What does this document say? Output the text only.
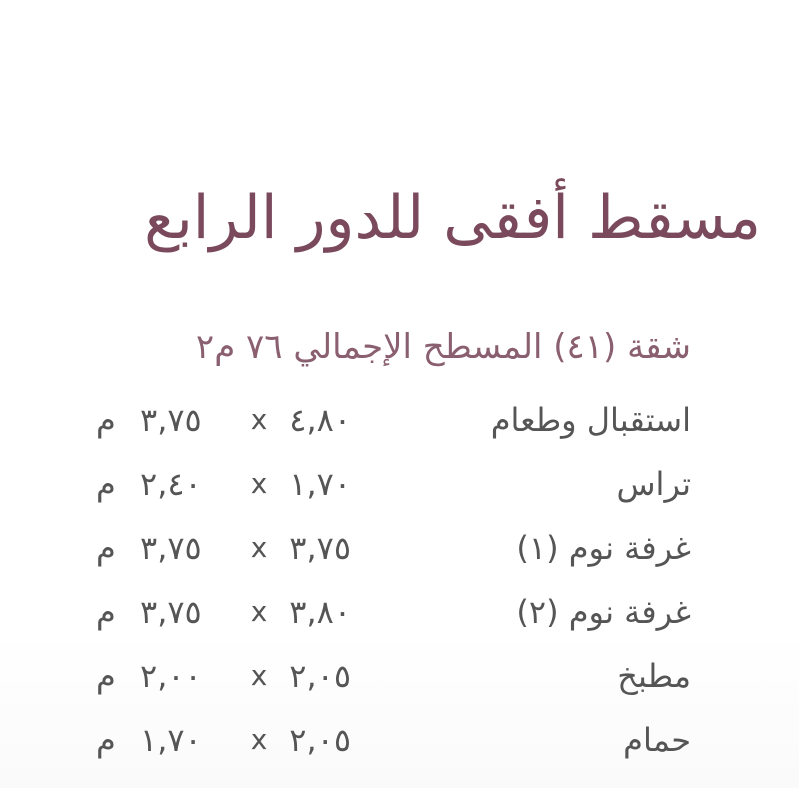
مسقط أفقى للدور الرابع
شقة (٤١) المسطح الإجمالي ٧٦ م٢
استقبال وطعام
٤,٨٠
x
٣,٧٥
م
تراس
١,٧٠
x
٢,٤٠
م
غرفة نوم (١)
٣,٧٥
x
٣,٧٥
م
غرفة نوم (٢)
٣,٨٠
x
٣,٧٥
م
مطبخ
٢,٠٥
x
٢,٠٠
م
حمام
٢,٠٥
x
١,٧٠
م
